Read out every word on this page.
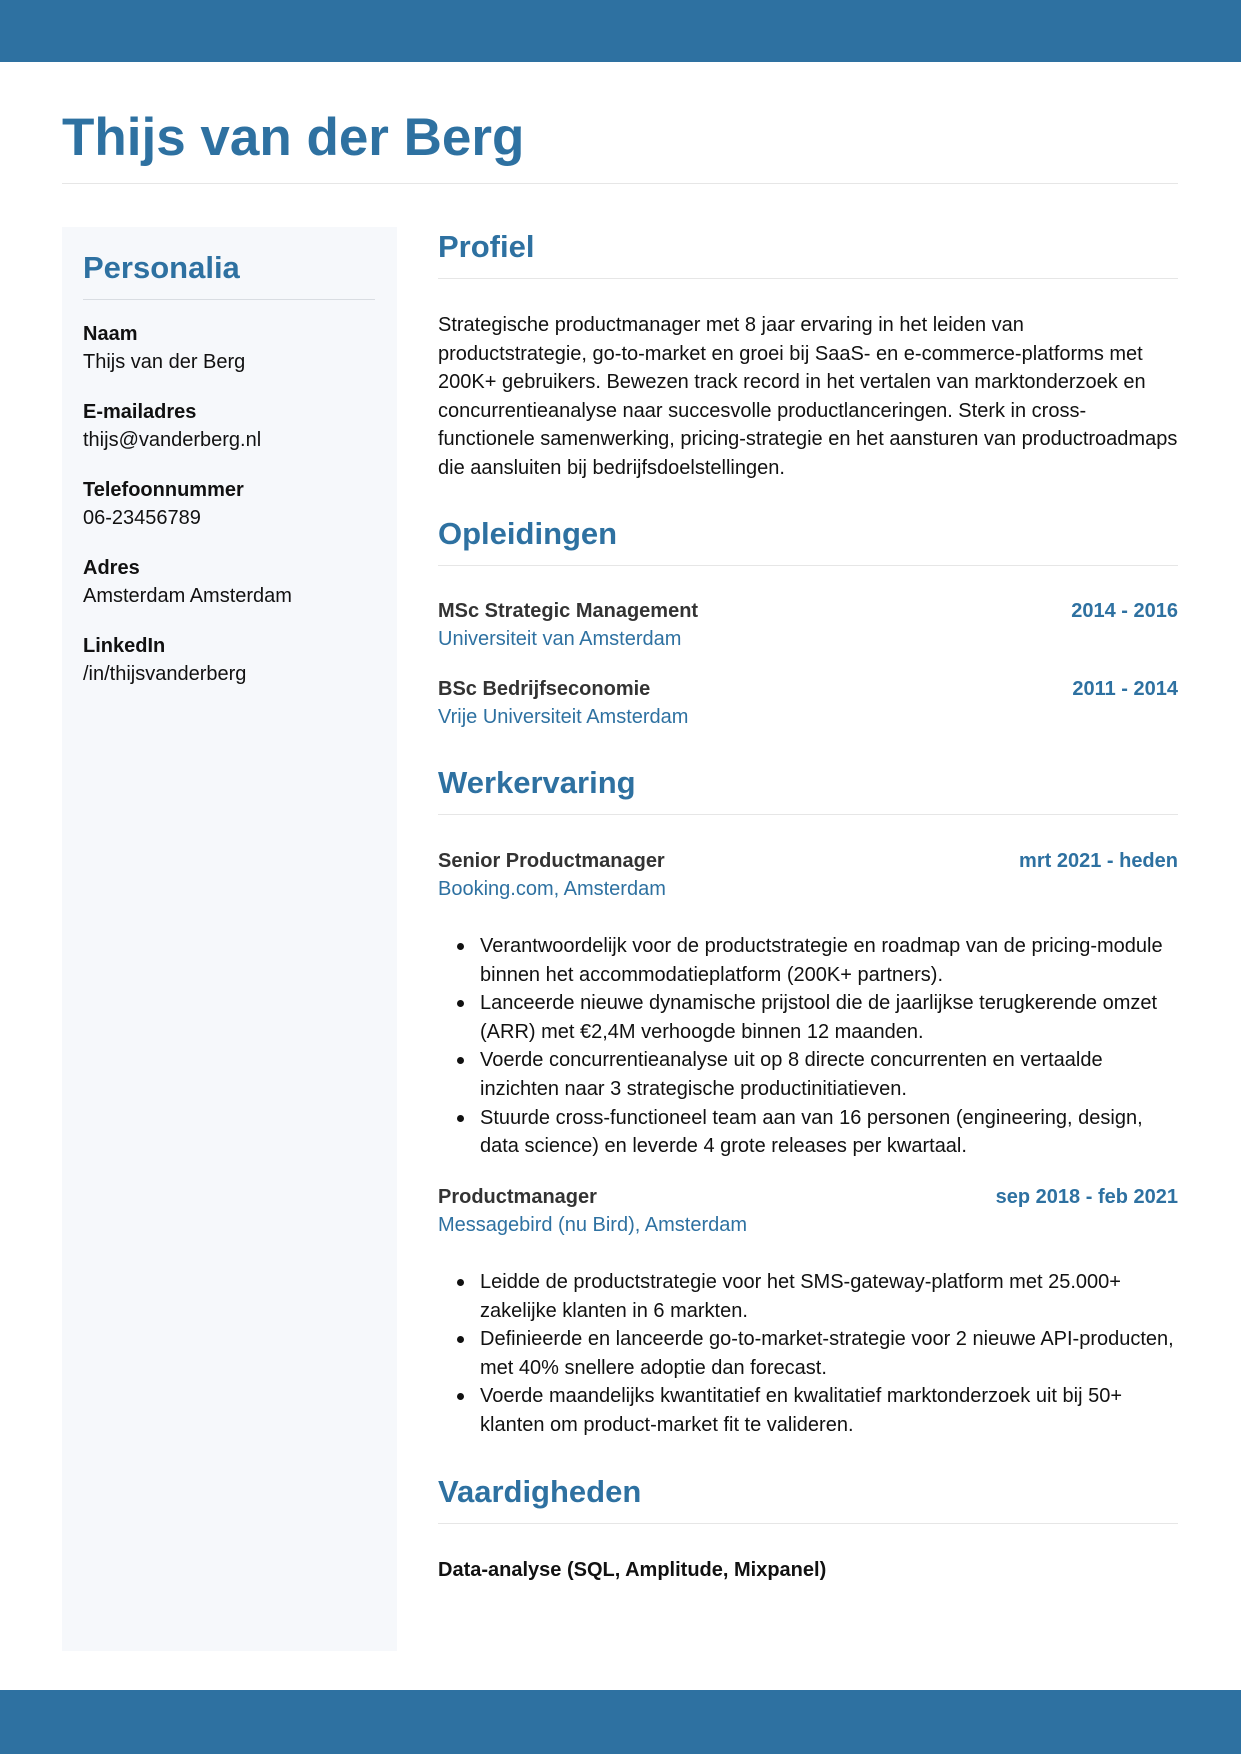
Thijs van der Berg
Personalia
Naam
Thijs van der Berg
E-mailadres
thijs@vanderberg.nl
Telefoonnummer
06-23456789
Adres
Amsterdam Amsterdam
LinkedIn
/in/thijsvanderberg
Profiel

Strategische productmanager met 8 jaar ervaring in het leiden van productstrategie, go-to-market en groei bij SaaS- en e-commerce-platforms met 200K+ gebruikers. Bewezen track record in het vertalen van marktonderzoek en concurrentieanalyse naar succesvolle productlanceringen. Sterk in cross-functionele samenwerking, pricing-strategie en het aansturen van productroadmaps die aansluiten bij bedrijfsdoelstellingen.

Opleidingen
MSc Strategic Management	2014 - 2016
Universiteit van Amsterdam
BSc Bedrijfseconomie	2011 - 2014
Vrije Universiteit Amsterdam
Werkervaring
Senior Productmanager	mrt 2021 - heden
Booking.com, Amsterdam
Verantwoordelijk voor de productstrategie en roadmap van de pricing-module binnen het accommodatieplatform (200K+ partners).
Lanceerde nieuwe dynamische prijstool die de jaarlijkse terugkerende omzet (ARR) met €2,4M verhoogde binnen 12 maanden.
Voerde concurrentieanalyse uit op 8 directe concurrenten en vertaalde inzichten naar 3 strategische productinitiatieven.
Stuurde cross-functioneel team aan van 16 personen (engineering, design, data science) en leverde 4 grote releases per kwartaal.
Productmanager	sep 2018 - feb 2021
Messagebird (nu Bird), Amsterdam
Leidde de productstrategie voor het SMS-gateway-platform met 25.000+ zakelijke klanten in 6 markten.
Definieerde en lanceerde go-to-market-strategie voor 2 nieuwe API-producten, met 40% snellere adoptie dan forecast.
Voerde maandelijks kwantitatief en kwalitatief marktonderzoek uit bij 50+ klanten om product-market fit te valideren.
Vaardigheden
Data-analyse (SQL, Amplitude, Mixpanel)
